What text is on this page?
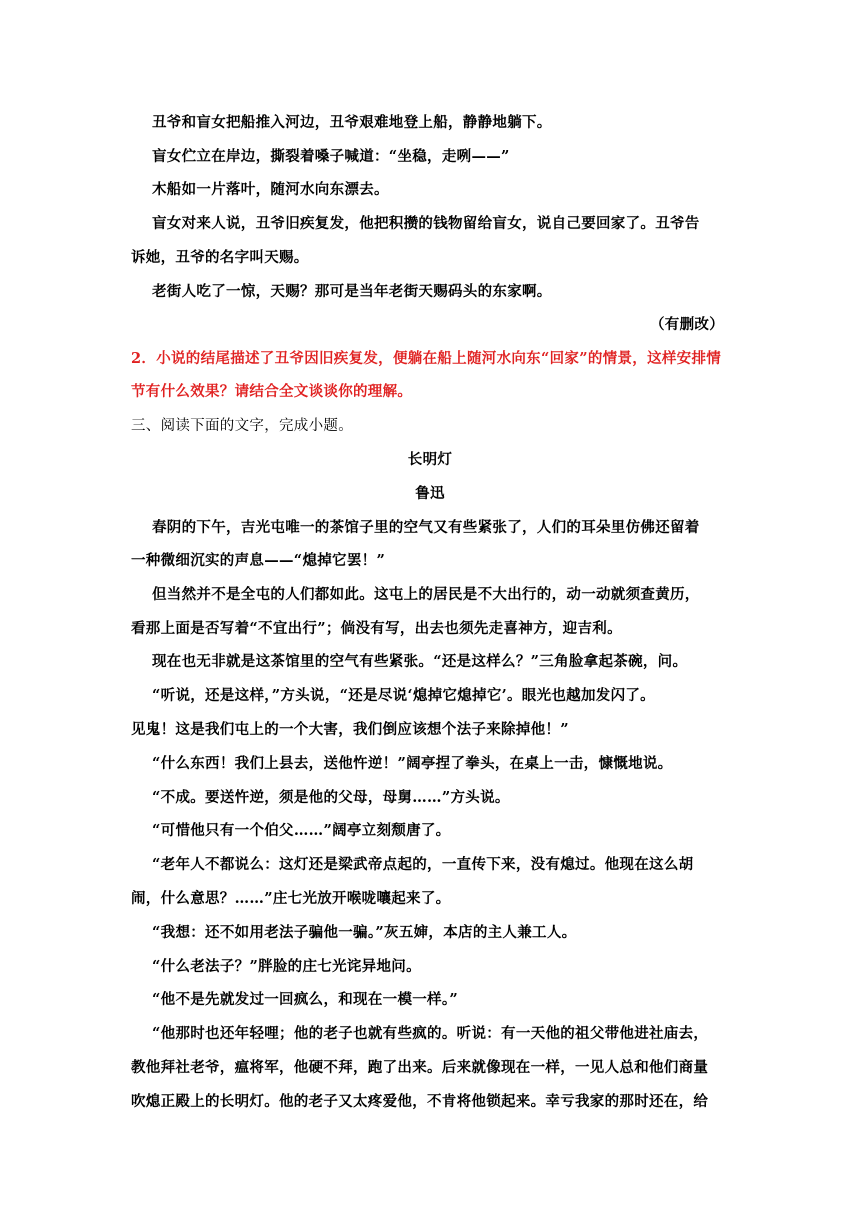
丑爷和盲女把船推入河边，丑爷艰难地登上船，静静地躺下。
盲女伫立在岸边，撕裂着嗓子喊道：“坐稳，走咧——”
木船如一片落叶，随河水向东漂去。
盲女对来人说，丑爷旧疾复发，他把积攒的钱物留给盲女，说自己要回家了。丑爷告
诉她，丑爷的名字叫天赐。
老街人吃了一惊，天赐？那可是当年老街天赐码头的东家啊。
（有删改）
2．小说的结尾描述了丑爷因旧疾复发，便躺在船上随河水向东“回家”的情景，这样安排情
节有什么效果？请结合全文谈谈你的理解。
三、阅读下面的文字，完成小题。
长明灯
鲁迅
春阴的下午，吉光屯唯一的茶馆子里的空气又有些紧张了，人们的耳朵里仿佛还留着
一种微细沉实的声息——“熄掉它罢！”
但当然并不是全屯的人们都如此。这屯上的居民是不大出行的，动一动就须查黄历，
看那上面是否写着“不宜出行”；倘没有写，出去也须先走喜神方，迎吉利。
现在也无非就是这茶馆里的空气有些紧张。“还是这样么？”三角脸拿起茶碗，问。
“听说，还是这样，”方头说，“还是尽说‘熄掉它熄掉它’。眼光也越加发闪了。
见鬼！这是我们屯上的一个大害，我们倒应该想个法子来除掉他！”
“什么东西！我们上县去，送他忤逆！”阔亭捏了拳头，在桌上一击，慷慨地说。
“不成。要送忤逆，须是他的父母，母舅……”方头说。
“可惜他只有一个伯父……”阔亭立刻颓唐了。
“老年人不都说么：这灯还是梁武帝点起的，一直传下来，没有熄过。他现在这么胡
闹，什么意思？……”庄七光放开喉咙嚷起来了。
“我想：还不如用老法子骗他一骗。”灰五婶，本店的主人兼工人。
“什么老法子？”胖脸的庄七光诧异地问。
“他不是先就发过一回疯么，和现在一模一样。”
“他那时也还年轻哩；他的老子也就有些疯的。听说：有一天他的祖父带他进社庙去，
教他拜社老爷，瘟将军，他硬不拜，跑了出来。后来就像现在一样，一见人总和他们商量
吹熄正殿上的长明灯。他的老子又太疼爱他，不肯将他锁起来。幸亏我家的那时还在，给
